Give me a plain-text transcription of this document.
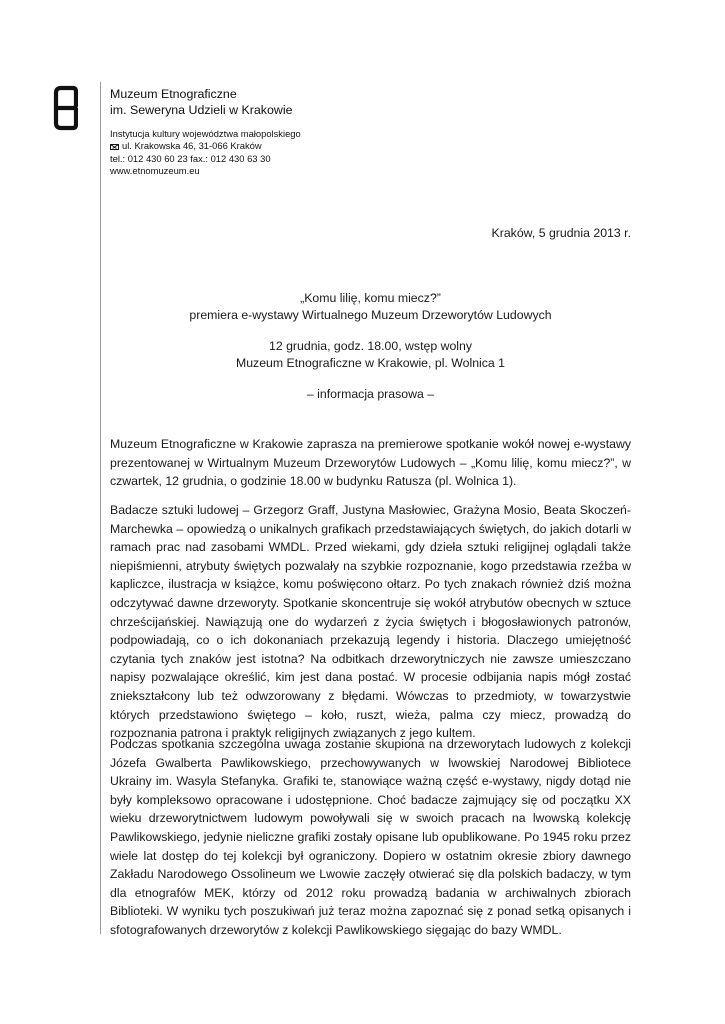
Muzeum Etnograficzne
im. Seweryna Udzieli w Krakowie
Instytucja kultury województwa małopolskiego
ul. Krakowska 46, 31-066 Kraków
tel.: 012 430 60 23 fax.: 012 430 63 30
www.etnomuzeum.eu
Kraków, 5 grudnia 2013 r.
„Komu lilię, komu miecz?”
premiera e-wystawy Wirtualnego Muzeum Drzeworytów Ludowych
12 grudnia, godz. 18.00, wstęp wolny
Muzeum Etnograficzne w Krakowie, pl. Wolnica 1
– informacja prasowa –

Muzeum Etnograficzne w Krakowie zaprasza na premierowe spotkanie wokół nowej e-wystawy prezentowanej w Wirtualnym Muzeum Drzeworytów Ludowych – „Komu lilię, komu miecz?”, w czwartek, 12 grudnia, o godzinie 18.00 w budynku Ratusza (pl. Wolnica 1).

Badacze sztuki ludowej – Grzegorz Graff, Justyna Masłowiec, Grażyna Mosio, Beata Skoczeń-Marchewka – opowiedzą o unikalnych grafikach przedstawiających świętych, do jakich dotarli w ramach prac nad zasobami WMDL. Przed wiekami, gdy dzieła sztuki religijnej oglądali także niepiśmienni, atrybuty świętych pozwalały na szybkie rozpoznanie, kogo przedstawia rzeźba w kapliczce, ilustracja w książce, komu poświęcono ołtarz. Po tych znakach również dziś można odczytywać dawne drzeworyty. Spotkanie skoncentruje się wokół atrybutów obecnych w sztuce chrześcijańskiej. Nawiązują one do wydarzeń z życia świętych i błogosławionych patronów, podpowiadają, co o ich dokonaniach przekazują legendy i historia. Dlaczego umiejętność czytania tych znaków jest istotna? Na odbitkach drzeworytniczych nie zawsze umieszczano napisy pozwalające określić, kim jest dana postać. W procesie odbijania napis mógł zostać zniekształcony lub też odwzorowany z błędami. Wówczas to przedmioty, w towarzystwie których przedstawiono świętego – koło, ruszt, wieża, palma czy miecz, prowadzą do rozpoznania patrona i praktyk religijnych związanych z jego kultem.

Podczas spotkania szczególna uwaga zostanie skupiona na drzeworytach ludowych z kolekcji Józefa Gwalberta Pawlikowskiego, przechowywanych w lwowskiej Narodowej Bibliotece Ukrainy im. Wasyla Stefanyka. Grafiki te, stanowiące ważną część e-wystawy, nigdy dotąd nie były kompleksowo opracowane i udostępnione. Choć badacze zajmujący się od początku XX wieku drzeworytnictwem ludowym powoływali się w swoich pracach na lwowską kolekcję Pawlikowskiego, jedynie nieliczne grafiki zostały opisane lub opublikowane. Po 1945 roku przez wiele lat dostęp do tej kolekcji był ograniczony. Dopiero w ostatnim okresie zbiory dawnego Zakładu Narodowego Ossolineum we Lwowie zaczęły otwierać się dla polskich badaczy, w tym dla etnografów MEK, którzy od 2012 roku prowadzą badania w archiwalnych zbiorach Biblioteki. W wyniku tych poszukiwań już teraz można zapoznać się z ponad setką opisanych i sfotografowanych drzeworytów z kolekcji Pawlikowskiego sięgając do bazy WMDL.
